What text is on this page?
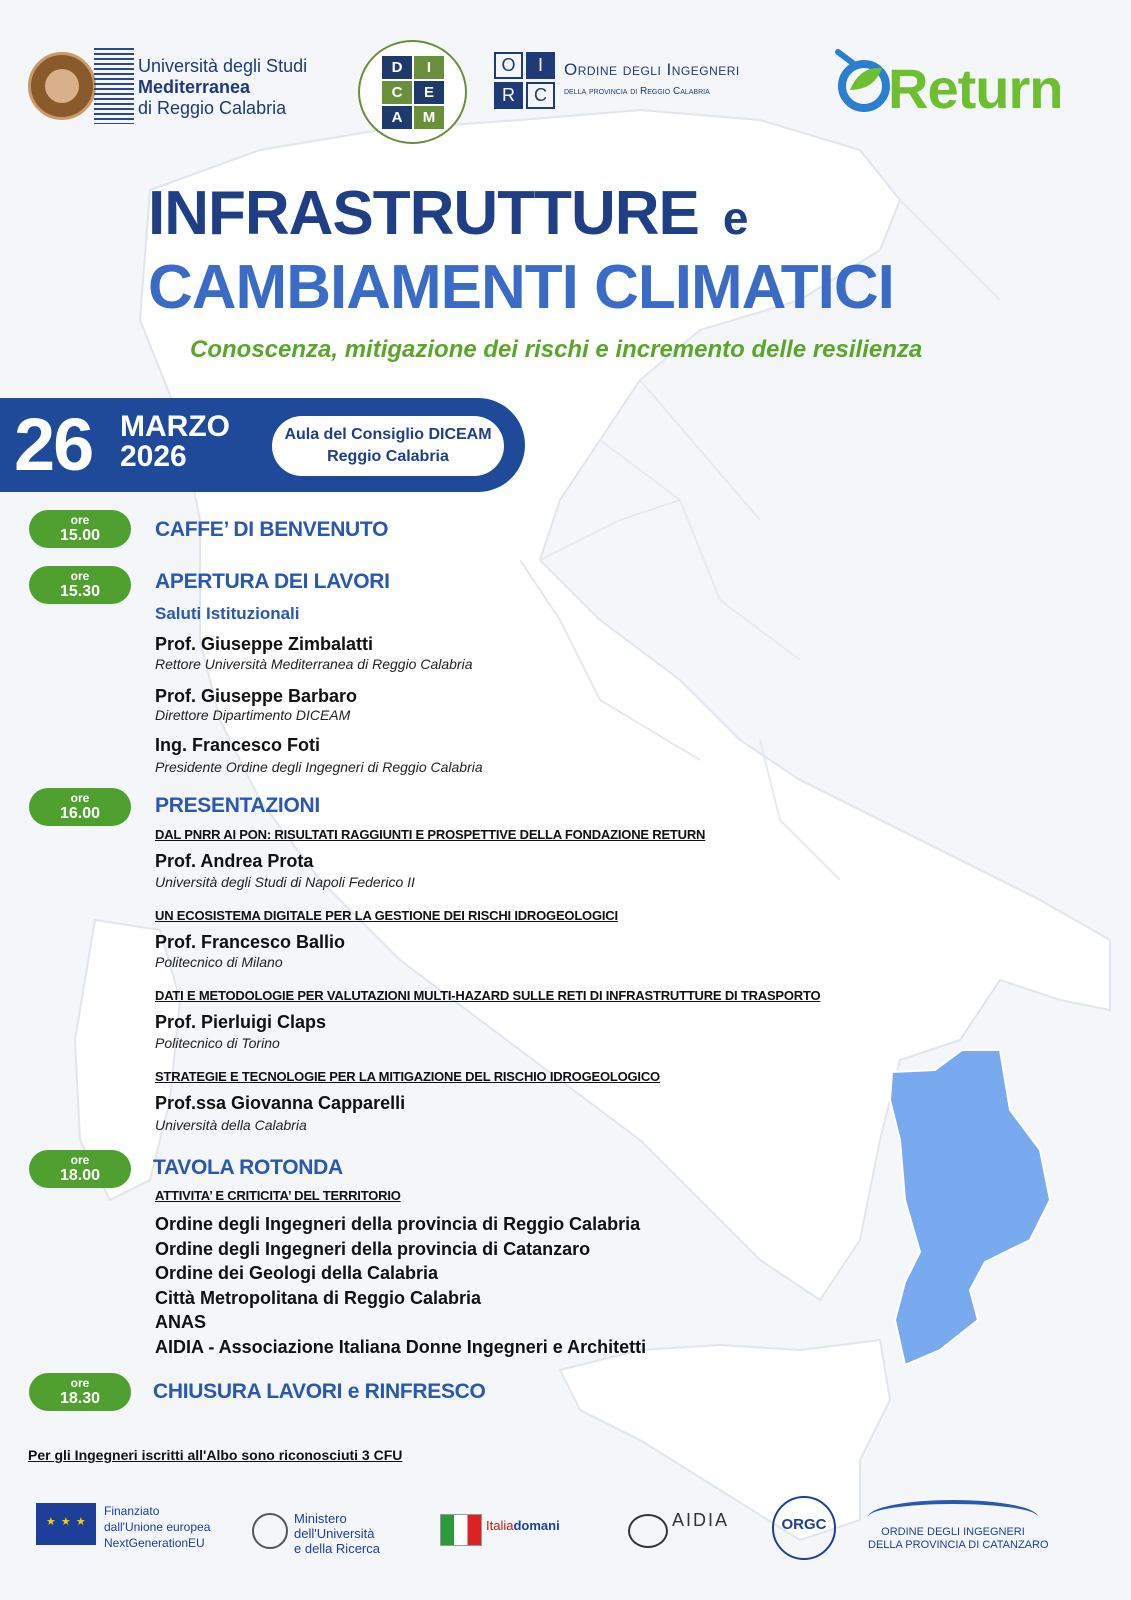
Università degli Studi
Mediterranea
di Reggio Calabria
D	I
C	E
A	M
O	I
R	C
Ordine degli Ingegneri
della provincia di Reggio Calabria	Return
INFRASTRUTTURE e
CAMBIAMENTI CLIMATICI
Conoscenza, mitigazione dei rischi e incremento delle resilienza
26 MARZO
2026
Aula del Consiglio DICEAM
Reggio Calabria
ore
15.00	CAFFE’ DI BENVENUTO
ore
15.30	APERTURA DEI LAVORI
Saluti Istituzionali
Prof. Giuseppe Zimbalatti
Rettore Università Mediterranea di Reggio Calabria
Prof. Giuseppe Barbaro
Direttore Dipartimento DICEAM
Ing. Francesco Foti
Presidente Ordine degli Ingegneri di Reggio Calabria
ore
16.00	PRESENTAZIONI
DAL PNRR AI PON: RISULTATI RAGGIUNTI E PROSPETTIVE DELLA FONDAZIONE RETURN
Prof. Andrea Prota
Università degli Studi di Napoli Federico II
UN ECOSISTEMA DIGITALE PER LA GESTIONE DEI RISCHI IDROGEOLOGICI
Prof. Francesco Ballio
Politecnico di Milano
DATI E METODOLOGIE PER VALUTAZIONI MULTI-HAZARD SULLE RETI DI INFRASTRUTTURE DI TRASPORTO
Prof. Pierluigi Claps
Politecnico di Torino
STRATEGIE E TECNOLOGIE PER LA MITIGAZIONE DEL RISCHIO IDROGEOLOGICO
Prof.ssa Giovanna Capparelli
Università della Calabria
ore
18.00	TAVOLA ROTONDA
ATTIVITA’ E CRITICITA’ DEL TERRITORIO
Ordine degli Ingegneri della provincia di Reggio Calabria
Ordine degli Ingegneri della provincia di Catanzaro
Ordine dei Geologi della Calabria
Città Metropolitana di Reggio Calabria
ANAS
AIDIA - Associazione Italiana Donne Ingegneri e Architetti
ore
18.30	CHIUSURA LAVORI e RINFRESCO
Per gli Ingegneri iscritti all'Albo sono riconosciuti 3 CFU
★ ★ ★
Finanziato
dall'Unione europea
NextGenerationEU
Ministero
dell'Università
e della Ricerca
Italiadomani	AIDIA	ORGC	ORDINE DEGLI INGEGNERI
DELLA PROVINCIA DI CATANZARO
